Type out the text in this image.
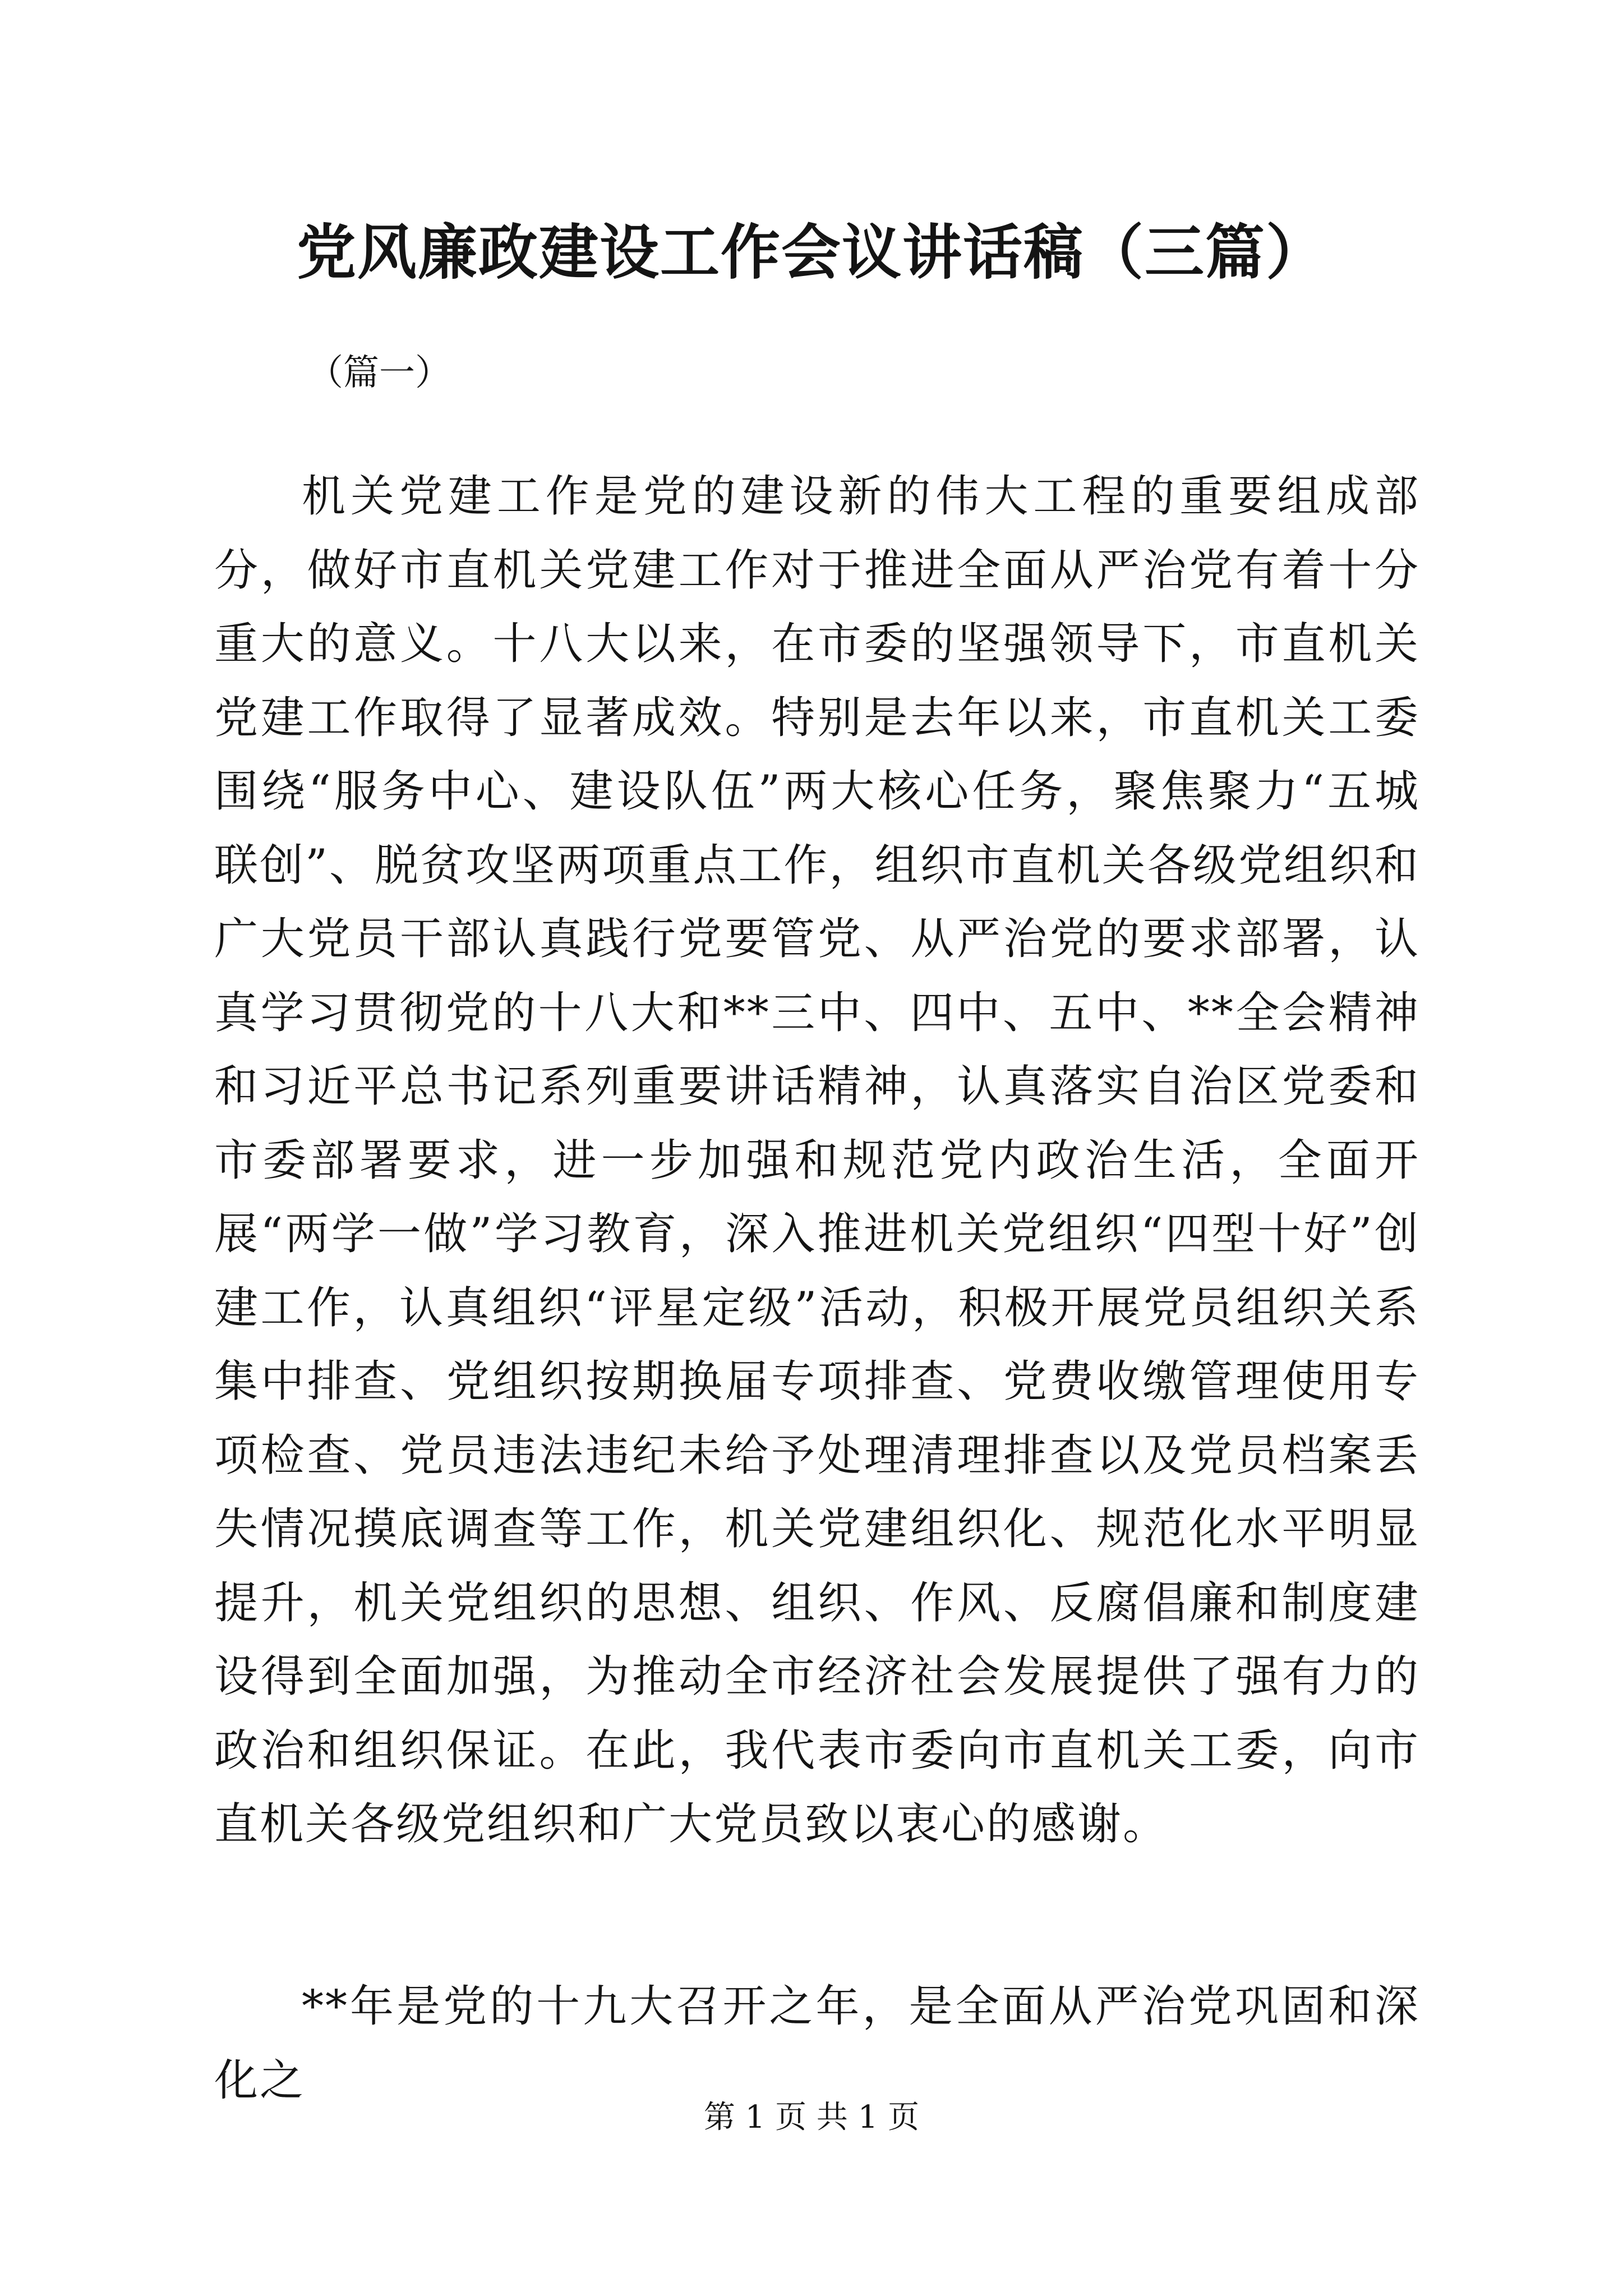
党风廉政建设工作会议讲话稿（三篇）

（篇一）

机关党建工作是党的建设新的伟大工程的重要组成部分，做好市直机关党建工作对于推进全面从严治党有着十分重大的意义。十八大以来，在市委的坚强领导下，市直机关党建工作取得了显著成效。特别是去年以来，市直机关工委围绕“服务中心、建设队伍”两大核心任务，聚焦聚力“五城联创”、脱贫攻坚两项重点工作，组织市直机关各级党组织和广大党员干部认真践行党要管党、从严治党的要求部署，认真学习贯彻党的十八大和**三中、四中、五中、**全会精神和习近平总书记系列重要讲话精神，认真落实自治区党委和市委部署要求，进一步加强和规范党内政治生活，全面开展“两学一做”学习教育，深入推进机关党组织“四型十好”创建工作，认真组织“评星定级”活动，积极开展党员组织关系集中排查、党组织按期换届专项排查、党费收缴管理使用专项检查、党员违法违纪未给予处理清理排查以及党员档案丢失情况摸底调查等工作，机关党建组织化、规范化水平明显提升，机关党组织的思想、组织、作风、反腐倡廉和制度建设得到全面加强，为推动全市经济社会发展提供了强有力的政治和组织保证。在此，我代表市委向市直机关工委，向市直机关各级党组织和广大党员致以衷心的感谢。

**年是党的十九大召开之年，是全面从严治党巩固和深化之

第 1 页 共 1 页
